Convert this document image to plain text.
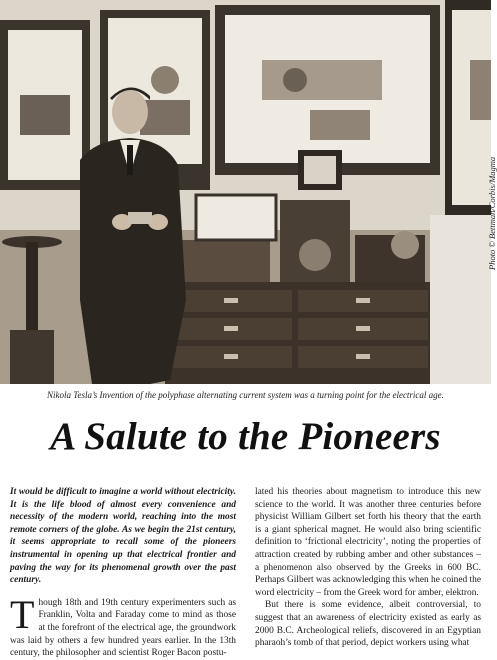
Photo © Bettman/Corbis/Magma
Nikola Tesla’s Invention of the polyphase alternating current system was a turning point for the electrical age.
A Salute to the Pioneers

It would be difficult to imagine a world without electricity. It is the life blood of almost every convenience and necessity of the modern world, reaching into the most remote corners of the globe. As we begin the 21st century, it seems appropriate to recall some of the pioneers instrumental in opening up that electrical frontier and paving the way for its phenomenal growth over the past century.

Though 18th and 19th century experimenters such as Franklin, Volta and Faraday come to mind as those at the forefront of the electrical age, the groundwork was laid by others a few hundred years earlier. In the 13th century, the philosopher and scientist Roger Bacon postu-

lated his theories about magnetism to introduce this new science to the world. It was another three centuries before physicist William Gilbert set forth his theory that the earth is a giant spherical magnet. He would also bring scientific definition to ‘frictional electricity’, noting the properties of attraction created by rubbing amber and other substances – a phenomenon also observed by the Greeks in 600 BC. Perhaps Gilbert was acknowledging this when he coined the word electricity – from the Greek word for amber, elektron.

But there is some evidence, albeit controversial, to suggest that an awareness of electricity existed as early as 2000 B.C. Archeological reliefs, discovered in an Egyptian pharaoh’s tomb of that period, depict workers using what
